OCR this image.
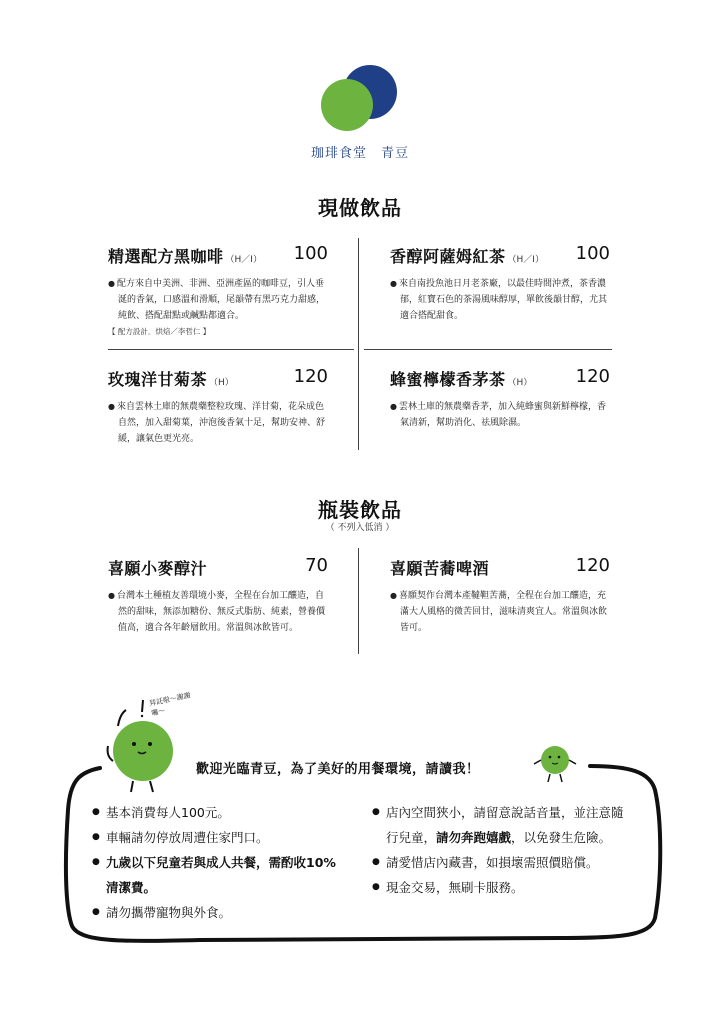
珈琲食堂　青豆
現做飲品
精選配方黑咖啡 （H／I） 100
● 配方來自中美洲、非洲、亞洲產區的咖啡豆，引人垂涎的香氣，口感溫和滑順，尾韻帶有黑巧克力甜感，純飲、搭配甜點或鹹點都適合。
【 配方設計．烘焙／李哲仁 】
香醇阿薩姆紅茶 （H／I） 100
● 來自南投魚池日月老茶廠，以最佳時間沖煮，茶香濃郁，紅寶石色的茶湯風味醇厚，單飲後韻甘醇，尤其適合搭配甜食。
玫瑰洋甘菊茶 （H）	120
● 來自雲林土庫的無農藥整粒玫瑰、洋甘菊，花朵成色自然，加入甜菊葉，沖泡後香氣十足，幫助安神、舒緩，讓氣色更光亮。
蜂蜜檸檬香茅茶 （H） 120
● 雲林土庫的無農藥香茅，加入純蜂蜜與新鮮檸檬，香氣清新，幫助消化、祛風除濕。
瓶裝飲品
（ 不列入低消 ）
喜願小麥醇汁	70
● 台灣本土種植友善環境小麥，全程在台加工釀造，自然的甜味，無添加糖份、無反式脂肪、純素，營養價值高，適合各年齡層飲用。常溫與冰飲皆可。
喜願苦蕎啤酒	120
● 喜願契作台灣本產韃靼苦蕎，全程在台加工釀造，充滿大人風格的微苦回甘，滋味清爽宜人。常溫與冰飲皆可。
拜託啦～謝謝囉～
歡迎光臨青豆，為了美好的用餐環境，請讀我！
● 基本消費每人100元。
● 車輛請勿停放周遭住家門口。
● 九歲以下兒童若與成人共餐，需酌收10%清潔費。
● 請勿攜帶寵物與外食。
● 店內空間狹小，請留意說話音量，並注意隨行兒童，請勿奔跑嬉戲，以免發生危險。
● 請愛惜店內藏書，如損壞需照價賠償。
● 現金交易，無刷卡服務。
